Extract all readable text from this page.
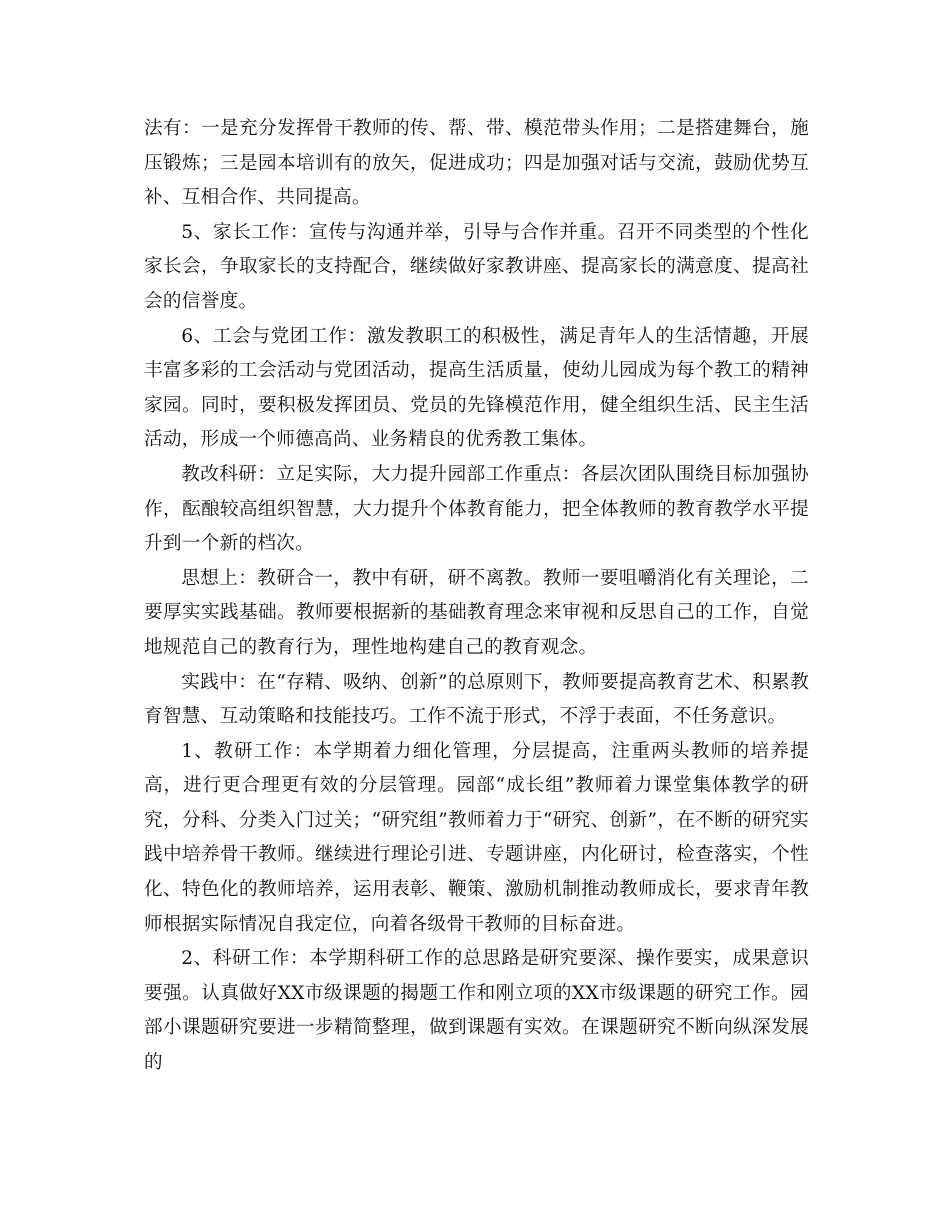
法有：一是充分发挥骨干教师的传、帮、带、模范带头作用；二是搭建舞台，施压锻炼；三是园本培训有的放矢，促进成功；四是加强对话与交流，鼓励优势互补、互相合作、共同提高。

5、家长工作：宣传与沟通并举，引导与合作并重。召开不同类型的个性化家长会，争取家长的支持配合，继续做好家教讲座、提高家长的满意度、提高社会的信誉度。

6、工会与党团工作：激发教职工的积极性，满足青年人的生活情趣，开展丰富多彩的工会活动与党团活动，提高生活质量，使幼儿园成为每个教工的精神家园。同时，要积极发挥团员、党员的先锋模范作用，健全组织生活、民主生活活动，形成一个师德高尚、业务精良的优秀教工集体。

教改科研：立足实际，大力提升园部工作重点：各层次团队围绕目标加强协作，酝酿较高组织智慧，大力提升个体教育能力，把全体教师的教育教学水平提升到一个新的档次。

思想上：教研合一，教中有研，研不离教。教师一要咀嚼消化有关理论，二要厚实实践基础。教师要根据新的基础教育理念来审视和反思自己的工作，自觉地规范自己的教育行为，理性地构建自己的教育观念。

实践中：在“存精、吸纳、创新”的总原则下，教师要提高教育艺术、积累教育智慧、互动策略和技能技巧。工作不流于形式，不浮于表面，不任务意识。

1、教研工作：本学期着力细化管理，分层提高，注重两头教师的培养提高，进行更合理更有效的分层管理。园部“成长组”教师着力课堂集体教学的研究，分科、分类入门过关；“研究组”教师着力于“研究、创新”，在不断的研究实践中培养骨干教师。继续进行理论引进、专题讲座，内化研讨，检查落实，个性化、特色化的教师培养，运用表彰、鞭策、激励机制推动教师成长，要求青年教师根据实际情况自我定位，向着各级骨干教师的目标奋进。

2、科研工作：本学期科研工作的总思路是研究要深、操作要实，成果意识要强。认真做好XX市级课题的揭题工作和刚立项的XX市级课题的研究工作。园部小课题研究要进一步精简整理，做到课题有实效。在课题研究不断向纵深发展的
